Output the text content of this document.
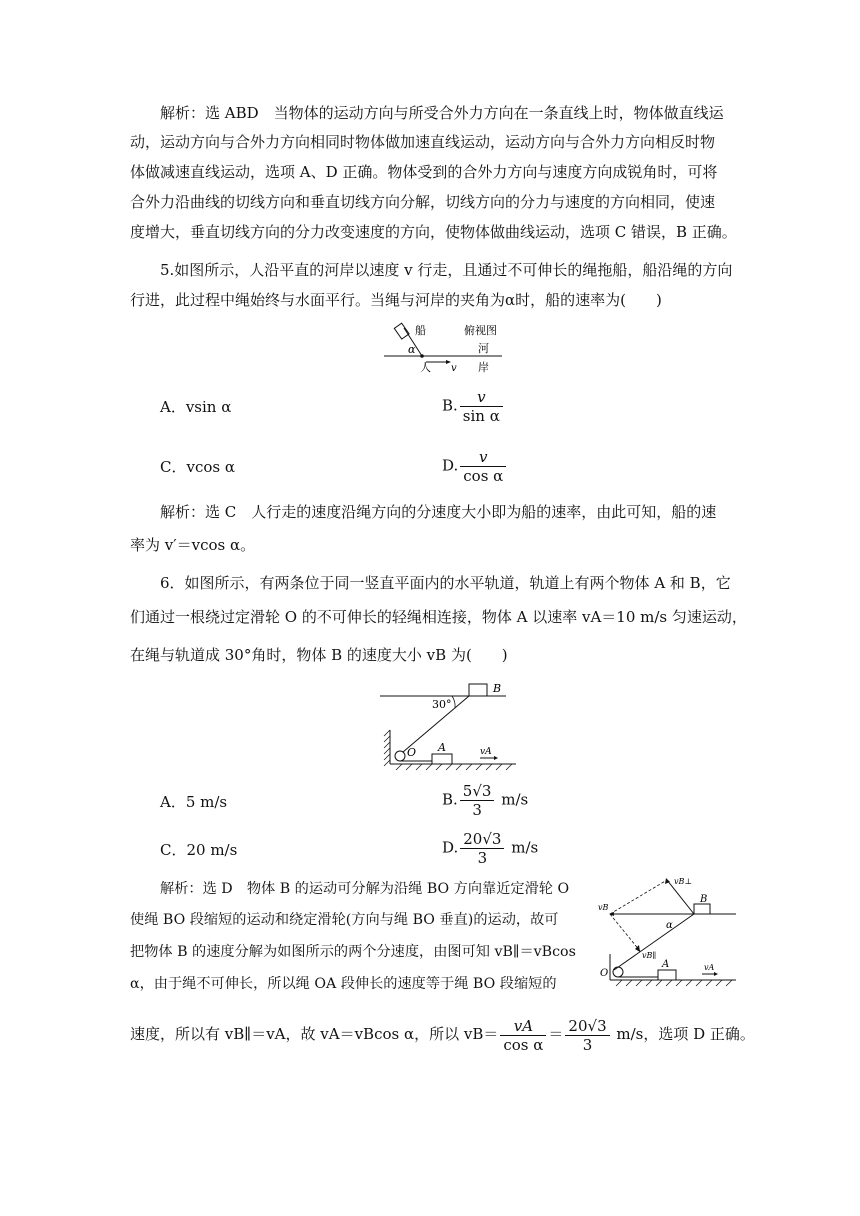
解析：选 ABD　当物体的运动方向与所受合外力方向在一条直线上时，物体做直线运
动，运动方向与合外力方向相同时物体做加速直线运动，运动方向与合外力方向相反时物
体做减速直线运动，选项 A、D 正确。物体受到的合外力方向与速度方向成锐角时，可将
合外力沿曲线的切线方向和垂直切线方向分解，切线方向的分力与速度的方向相同，使速
度增大，垂直切线方向的分力改变速度的方向，使物体做曲线运动，选项 C 错误，B 正确。
5.如图所示，人沿平直的河岸以速度 v 行走，且通过不可伸长的绳拖船，船沿绳的方向
行进，此过程中绳始终与水面平行。当绳与河岸的夹角为α时，船的速率为(　　)
船	俯视图
河
α
人 v 岸
A．vsin α	B. $\frac{v}{\text{sin α}}$
C．vcos α	D. $\frac{v}{\text{cos α}}$
解析：选 C　人行走的速度沿绳方向的分速度大小即为船的速率，由此可知，船的速
率为 v′＝vcos α。
6．如图所示，有两条位于同一竖直平面内的水平轨道，轨道上有两个物体 A 和 B，它
们通过一根绕过定滑轮 O 的不可伸长的轻绳相连接，物体 A 以速率 vA＝10 m/s 匀速运动，
在绳与轨道成 30°角时，物体 B 的速度大小 vB 为(　　)
B
30°
A
O	vA
A．5 m/s	B. $\frac{5√3}{3} m/s$
C．20 m/s	D. $\frac{20√3}{3} m/s$
解析：选 D　物体 B 的运动可分解为沿绳 BO 方向靠近定滑轮 O
使绳 BO 段缩短的运动和绕定滑轮(方向与绳 BO 垂直)的运动，故可
把物体 B 的速度分解为如图所示的两个分速度，由图可知 vB∥＝vBcos
α，由于绳不可伸长，所以绳 OA 段伸长的速度等于绳 BO 段缩短的
速度，所以有 vB∥＝vA，故 vA＝vBcos α，所以 $vB= \frac{vA}{\text{cos α}} = \frac{20√3}{3} m/s$，选项 D 正确。
vB⊥
vB
B
α
vB∥
O
A	vA
